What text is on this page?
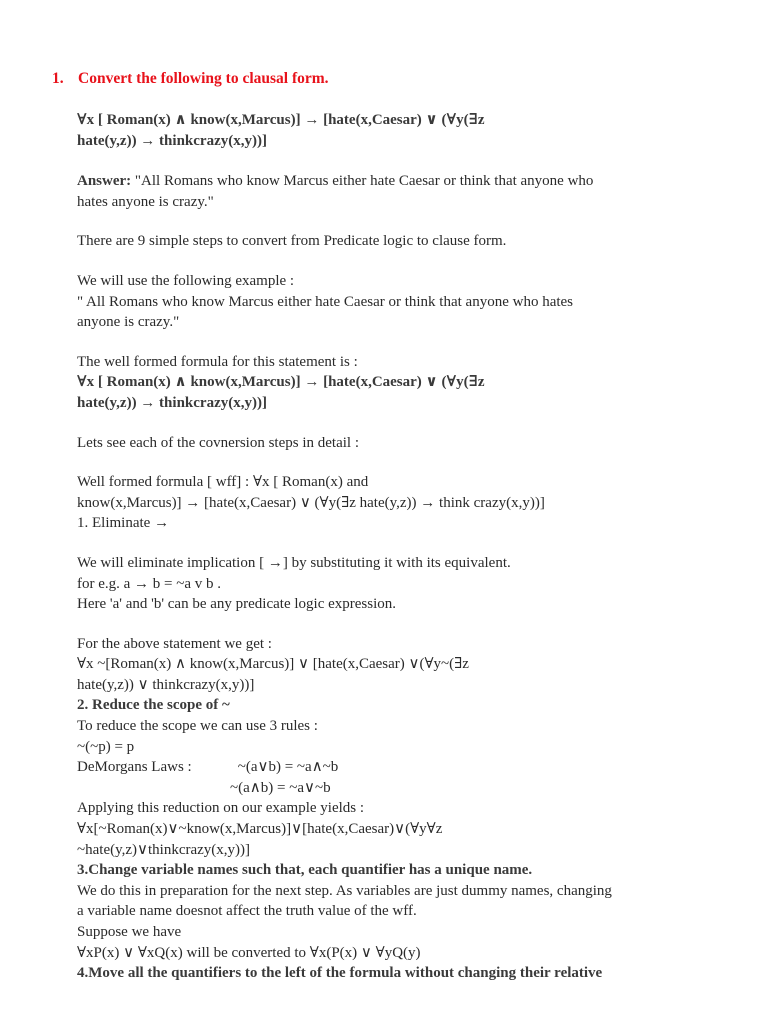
1. Convert the following to clausal form.

∀x [ Roman(x) ∧ know(x,Marcus)] → [hate(x,Caesar) ∨ (∀y(∃z

hate(y,z)) → thinkcrazy(x,y))]

Answer: "All Romans who know Marcus either hate Caesar or think that anyone who

hates anyone is crazy."

There are 9 simple steps to convert from Predicate logic to clause form.

We will use the following example :

" All Romans who know Marcus either hate Caesar or think that anyone who hates

anyone is crazy."

The well formed formula for this statement is :

∀x [ Roman(x) ∧ know(x,Marcus)] → [hate(x,Caesar) ∨ (∀y(∃z

hate(y,z)) → thinkcrazy(x,y))]

Lets see each of the covnersion steps in detail :

Well formed formula [ wff] : ∀x [ Roman(x) and

know(x,Marcus)] → [hate(x,Caesar) ∨ (∀y(∃z hate(y,z)) → think crazy(x,y))]

1. Eliminate →

We will eliminate implication [ →] by substituting it with its equivalent.

for e.g. a → b = ~a v b .

Here 'a' and 'b' can be any predicate logic expression.

For the above statement we get :

∀x ~[Roman(x) ∧ know(x,Marcus)] ∨ [hate(x,Caesar) ∨(∀y~(∃z

hate(y,z)) ∨ thinkcrazy(x,y))]

2. Reduce the scope of ~

To reduce the scope we can use 3 rules :

~(~p) = p

DeMorgans Laws :	~(a∨b) = ~a∧~b

~(a∧b) = ~a∨~b

Applying this reduction on our example yields :

∀x[~Roman(x)∨~know(x,Marcus)]∨[hate(x,Caesar)∨(∀y∀z

~hate(y,z)∨thinkcrazy(x,y))]

3.Change variable names such that, each quantifier has a unique name.

We do this in preparation for the next step. As variables are just dummy names, changing

a variable name doesnot affect the truth value of the wff.

Suppose we have

∀xP(x) ∨ ∀xQ(x) will be converted to ∀x(P(x) ∨ ∀yQ(y)

4.Move all the quantifiers to the left of the formula without changing their relative
